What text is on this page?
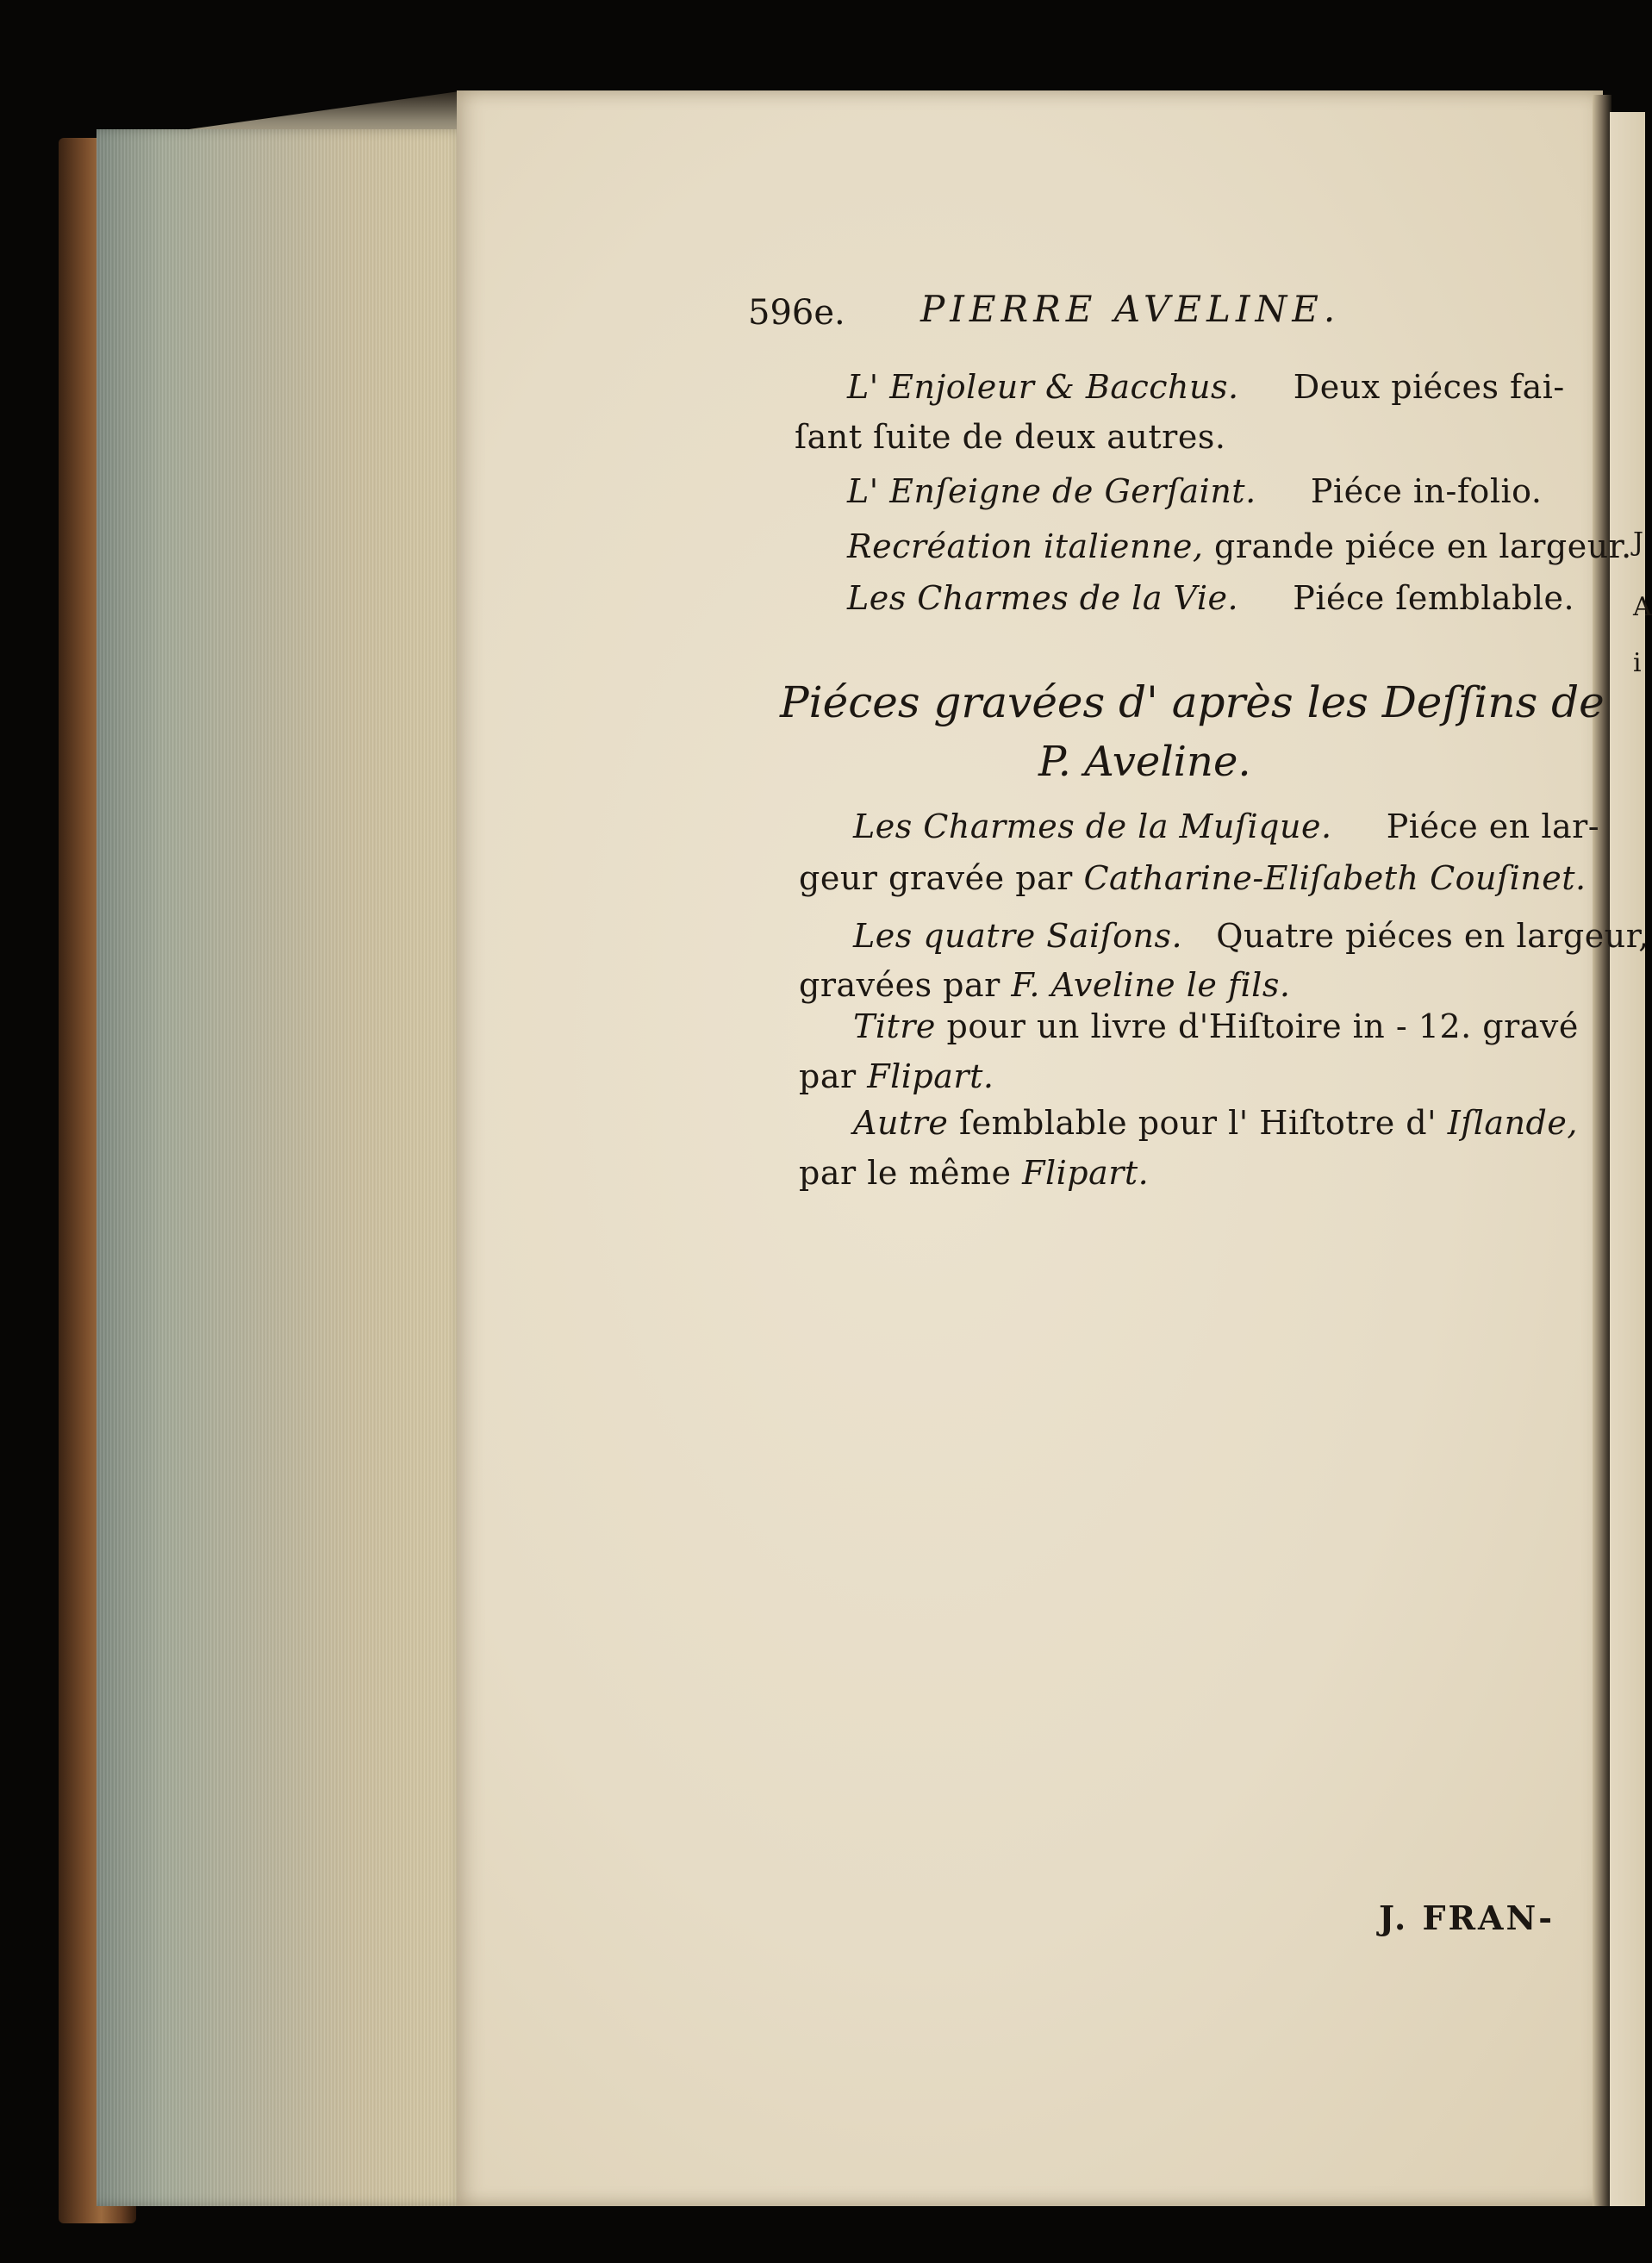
J
A
i
596e. PIERRE AVELINE.
L' Enjoleur & Bacchus. Deux piéces fai-
ſant ſuite de deux autres.
L' Enſeigne de Gerſaint. Piéce in-folio.
Recréation italienne, grande piéce en largeur.
Les Charmes de la Vie. Piéce ſemblable.
Piéces gravées d' après les Deſſins de
P. Aveline.
Les Charmes de la Muſique. Piéce en lar-
geur gravée par Catharine-Eliſabeth Couſinet.
Les quatre Saiſons. Quatre piéces en largeur,
gravées par F. Aveline le fils.
Titre pour un livre d'Hiſtoire in - 12. gravé
par Flipart.
Autre ſemblable pour l' Hiſtotre d' Iſlande,
par le même Flipart.
J. FRAN-
